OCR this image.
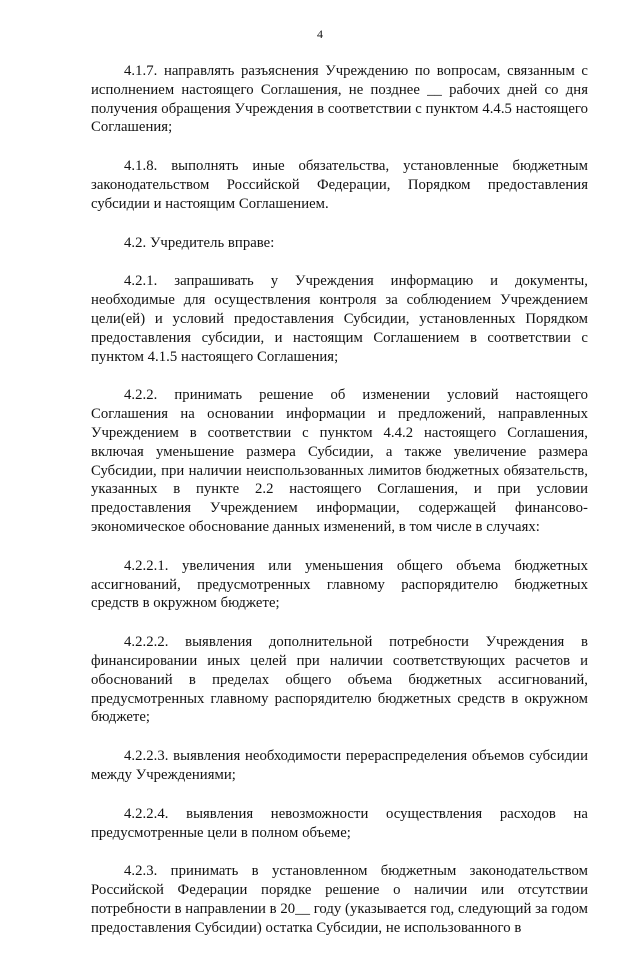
4

4.1.7. направлять разъяснения Учреждению по вопросам, связанным с исполнением настоящего Соглашения, не позднее __ рабочих дней со дня получения обращения Учреждения в соответствии с пунктом 4.4.5 настоящего Соглашения;

4.1.8. выполнять иные обязательства, установленные бюджетным законодательством Российской Федерации, Порядком предоставления субсидии и настоящим Соглашением.

4.2. Учредитель вправе:

4.2.1. запрашивать у Учреждения информацию и документы, необходимые для осуществления контроля за соблюдением Учреждением цели(ей) и условий предоставления Субсидии, установленных Порядком предоставления субсидии, и настоящим Соглашением в соответствии с пунктом 4.1.5 настоящего Соглашения;

4.2.2. принимать решение об изменении условий настоящего Соглашения на основании информации и предложений, направленных Учреждением в соответствии с пунктом 4.4.2 настоящего Соглашения, включая уменьшение размера Субсидии, а также увеличение размера Субсидии, при наличии неиспользованных лимитов бюджетных обязательств, указанных в пункте 2.2 настоящего Соглашения, и при условии предоставления Учреждением информации, содержащей финансово-экономическое обоснование данных изменений, в том числе в случаях:

4.2.2.1. увеличения или уменьшения общего объема бюджетных ассигнований, предусмотренных главному распорядителю бюджетных средств в окружном бюджете;

4.2.2.2. выявления дополнительной потребности Учреждения в финансировании иных целей при наличии соответствующих расчетов и обоснований в пределах общего объема бюджетных ассигнований, предусмотренных главному распорядителю бюджетных средств в окружном бюджете;

4.2.2.3. выявления необходимости перераспределения объемов субсидии между Учреждениями;

4.2.2.4. выявления невозможности осуществления расходов на предусмотренные цели в полном объеме;

4.2.3. принимать в установленном бюджетным законодательством Российской Федерации порядке решение о наличии или отсутствии потребности в направлении в 20__ году (указывается год, следующий за годом предоставления Субсидии) остатка Субсидии, не использованного в
